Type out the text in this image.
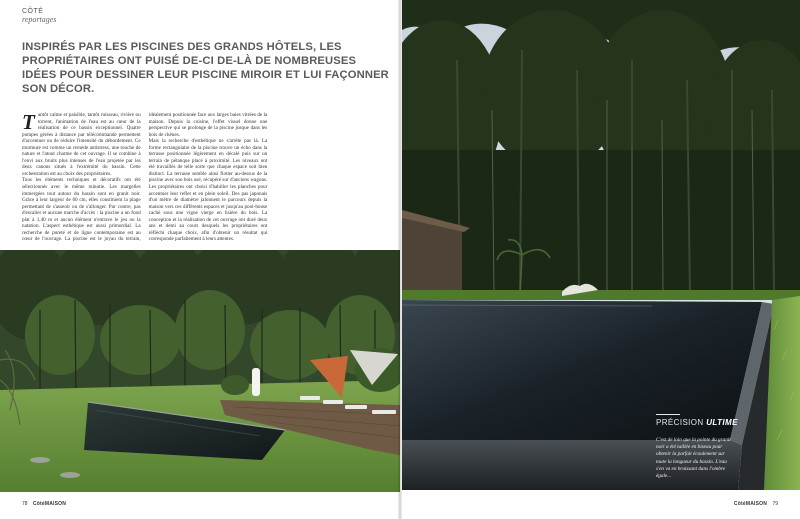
CÔTÉ
reportages
INSPIRÉS PAR LES PISCINES DES GRANDS HÔTELS, LES PROPRIÉTAIRES ONT PUISÉ DE-CI DE-LÀ DE NOMBREUSES IDÉES POUR DESSINER LEUR PISCINE MIROIR ET LUI FAÇONNER SON DÉCOR.

Tantôt calme et paisible, tantôt ruisseau, rivière ou torrent, l'animation de l'eau est au cœur de la réalisation de ce bassin exceptionnel. Quatre pompes gérées à distance par télécommande permettent d'accentuer ou de réduire l'intensité du débordement. Ce murmure est comme un remède antistress, une touche de nature et l'atout charme de cet ouvrage. Il se combine à l'envi aux bruits plus intenses de l'eau projetée par les deux canons situés à l'extrémité du bassin. Cette orchestration est au choix des propriétaires.

Tous les éléments techniques et décoratifs ont été sélectionnés avec le même minutie. Les margelles immergées tout autour du bassin sont en granit noir. Grâce à leur largeur de 60 cm, elles constituent la plage permettant de s'asseoir ou de s'allonger. Par contre, pas d'escalier et aucune marche d'accès : la piscine a un fond plat à 1,40 m et aucun élément n'entrave le jeu ou la natation. L'aspect esthétique est aussi primordial. La recherche de pureté et de ligne contemporaine est au cœur de l'ouvrage. La piscine est le joyau du terrain, idéalement positionnée face aux larges baies vitrées de la maison. Depuis la cuisine, l'effet visuel donne une perspective qui se prolonge de la piscine jusque dans les bois de chênes.

Mais la recherche d'esthétique ne s'arrête pas là. La forme rectangulaire de la piscine trouve un écho dans la terrasse positionnée légèrement en décalé puis sur un terrain de pétanque placé à proximité. Les niveaux ont été travaillés de telle sorte que chaque espace soit bien distinct. La terrasse semble ainsi flotter au-dessus de la piscine avec son bois usé, récupéré sur d'anciens wagons. Les propriétaires ont choisi d'habiller les planches pour accentuer leur reflet et en plein soleil. Des pas japonais d'un mètre de diamètre jalonnent le parcours depuis la maison vers ces différents espaces et jusqu'au pool-house caché sous une vigne vierge en lisière du bois. La conception et la réalisation de cet ouvrage ont duré deux ans et demi au cours desquels les propriétaires ont réfléchi chaque choix, afin d'obtenir un résultat qui corresponde parfaitement à leurs attentes.

78 CôtéMAISON
PRÉCISION ULTIME

C'est de loin que la pointe du granit noir a été taillée en biseau pour obtenir la parfait écoulement sur toute la longueur du bassin. L'eau s'en va en bruissant dans l'ombre égale...

CôtéMAISON 79
